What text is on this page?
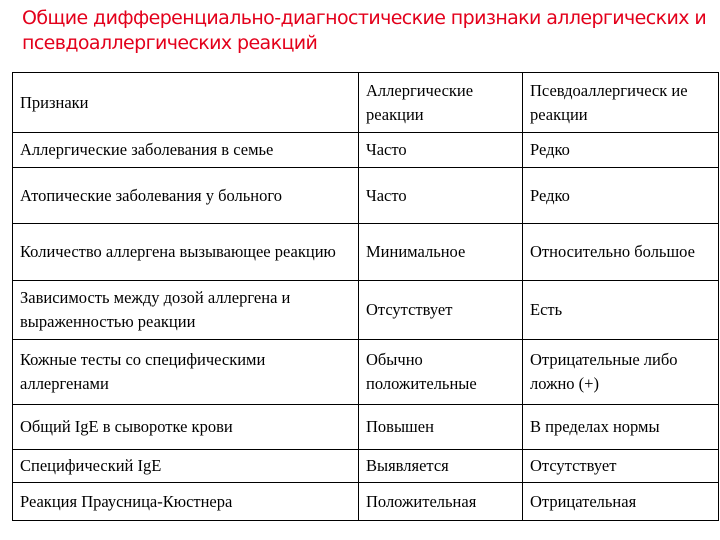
Общие дифференциально-диагностические признаки аллергических и псевдоаллергических реакций
Признаки	Аллергические реакции	Псевдоаллергическ ие реакции
Аллергические заболевания в семье	Часто	Редко
Атопические заболевания у больного	Часто	Редко
Количество аллергена вызывающее реакцию	Минимальное	Относительно большое
Зависимость между дозой аллергена и выраженностью реакции	Отсутствует	Есть
Кожные тесты со специфическими аллергенами	Обычно положительные	Отрицательные либо ложно (+)
Общий IgE в сыворотке крови	Повышен	В пределах нормы
Специфический IgE	Выявляется	Отсутствует
Реакция Праусница-Кюстнера	Положительная	Отрицательная
